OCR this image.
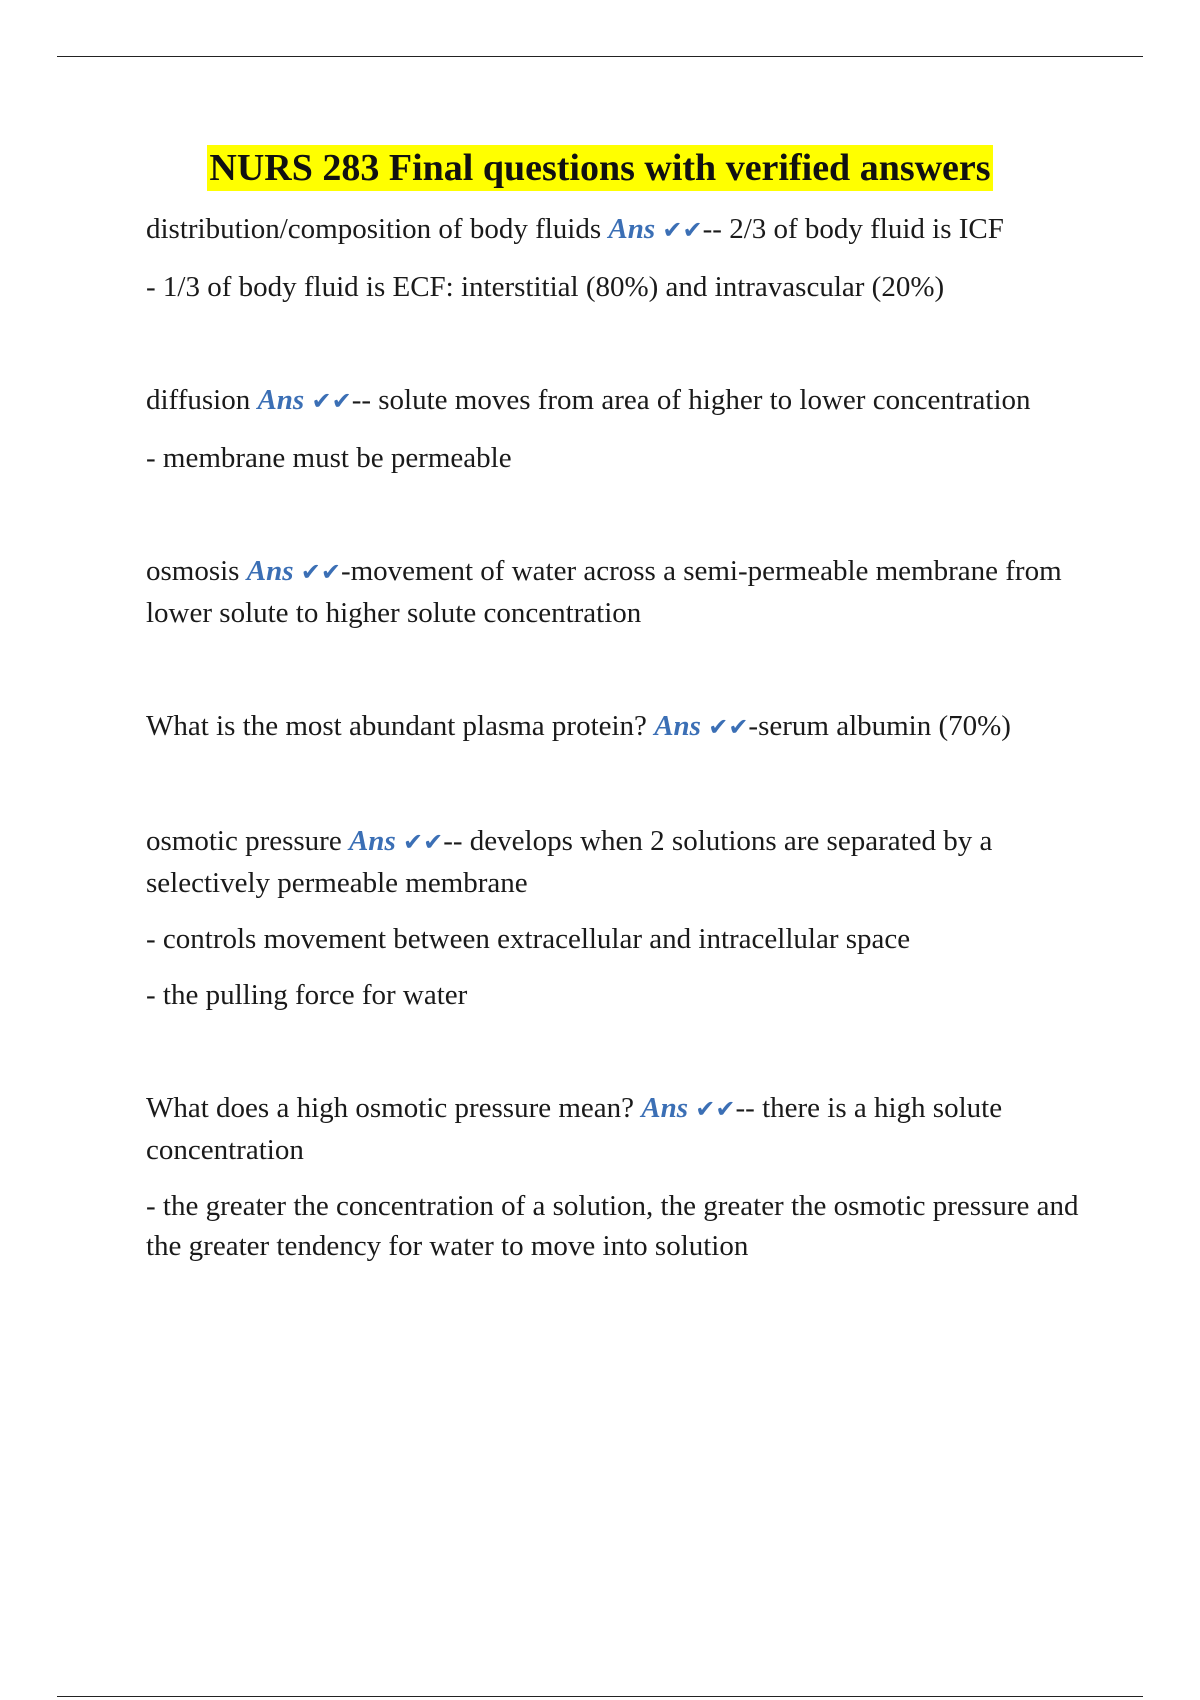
NURS 283 Final questions with verified answers

distribution/composition of body fluids Ans ✔✔-- 2/3 of body fluid is ICF

- 1/3 of body fluid is ECF: interstitial (80%) and intravascular (20%)

diffusion Ans ✔✔-- solute moves from area of higher to lower concentration

- membrane must be permeable

osmosis Ans ✔✔-movement of water across a semi-permeable membrane from lower solute to higher solute concentration

What is the most abundant plasma protein? Ans ✔✔-serum albumin (70%)

osmotic pressure Ans ✔✔-- develops when 2 solutions are separated by a selectively permeable membrane

- controls movement between extracellular and intracellular space

- the pulling force for water

What does a high osmotic pressure mean? Ans ✔✔-- there is a high solute concentration

- the greater the concentration of a solution, the greater the osmotic pressure and the greater tendency for water to move into solution
